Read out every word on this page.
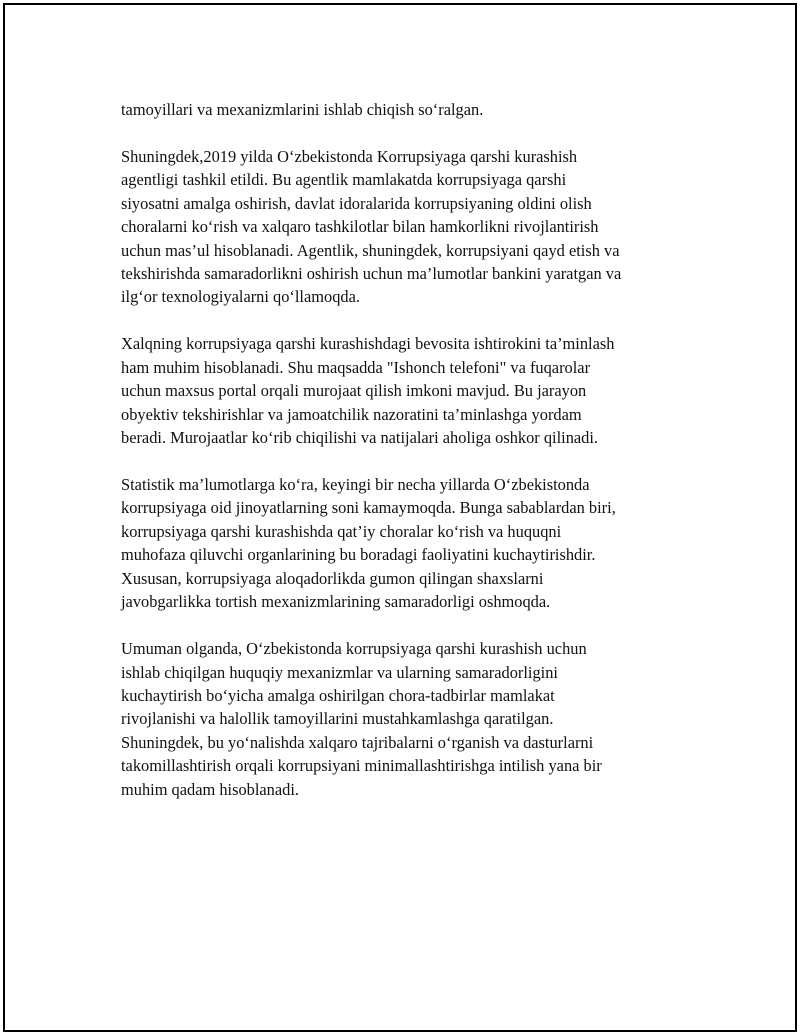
tamoyillari va mexanizmlarini ishlab chiqish so‘ralgan.

Shuningdek,2019 yilda O‘zbekistonda Korrupsiyaga qarshi kurashish
agentligi tashkil etildi. Bu agentlik mamlakatda korrupsiyaga qarshi
siyosatni amalga oshirish, davlat idoralarida korrupsiyaning oldini olish
choralarni ko‘rish va xalqaro tashkilotlar bilan hamkorlikni rivojlantirish
uchun mas’ul hisoblanadi. Agentlik, shuningdek, korrupsiyani qayd etish va
tekshirishda samaradorlikni oshirish uchun ma’lumotlar bankini yaratgan va
ilg‘or texnologiyalarni qo‘llamoqda.

Xalqning korrupsiyaga qarshi kurashishdagi bevosita ishtirokini ta’minlash
ham muhim hisoblanadi. Shu maqsadda "Ishonch telefoni" va fuqarolar
uchun maxsus portal orqali murojaat qilish imkoni mavjud. Bu jarayon
obyektiv tekshirishlar va jamoatchilik nazoratini ta’minlashga yordam
beradi. Murojaatlar ko‘rib chiqilishi va natijalari aholiga oshkor qilinadi.

Statistik ma’lumotlarga ko‘ra, keyingi bir necha yillarda O‘zbekistonda
korrupsiyaga oid jinoyatlarning soni kamaymoqda. Bunga sabablardan biri,
korrupsiyaga qarshi kurashishda qat’iy choralar ko‘rish va huquqni
muhofaza qiluvchi organlarining bu boradagi faoliyatini kuchaytirishdir.
Xususan, korrupsiyaga aloqadorlikda gumon qilingan shaxslarni
javobgarlikka tortish mexanizmlarining samaradorligi oshmoqda.

Umuman olganda, O‘zbekistonda korrupsiyaga qarshi kurashish uchun
ishlab chiqilgan huquqiy mexanizmlar va ularning samaradorligini
kuchaytirish bo‘yicha amalga oshirilgan chora-tadbirlar mamlakat
rivojlanishi va halollik tamoyillarini mustahkamlashga qaratilgan.
Shuningdek, bu yo‘nalishda xalqaro tajribalarni o‘rganish va dasturlarni
takomillashtirish orqali korrupsiyani minimallashtirishga intilish yana bir
muhim qadam hisoblanadi.
